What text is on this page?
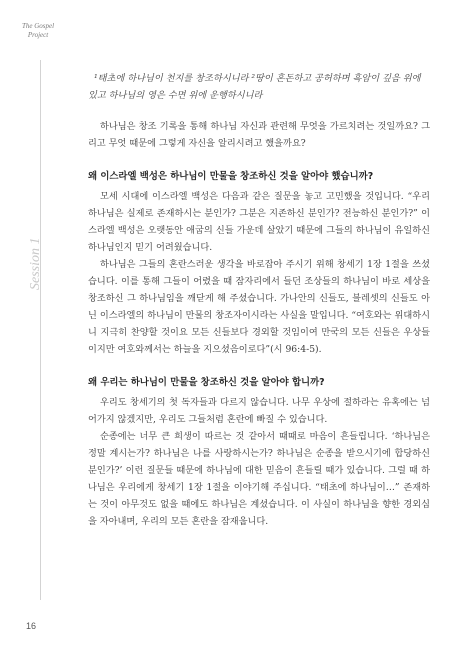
The Gospel
Project
Session 1
16

¹태초에 하나님이 천지를 창조하시니라 ²땅이 혼돈하고 공허하며 흑암이 깊음 위에 있고 하나님의 영은 수면 위에 운행하시니라

하나님은 창조 기록을 통해 하나님 자신과 관련해 무엇을 가르치려는 것일까요? 그리고 무엇 때문에 그렇게 자신을 알리시려고 했을까요?

왜 이스라엘 백성은 하나님이 만물을 창조하신 것을 알아야 했습니까?

모세 시대에 이스라엘 백성은 다음과 같은 질문을 놓고 고민했을 것입니다. “우리 하나님은 실제로 존재하시는 분인가? 그분은 지존하신 분인가? 전능하신 분인가?” 이스라엘 백성은 오랫동안 애굽의 신들 가운데 살았기 때문에 그들의 하나님이 유일하신 하나님인지 믿기 어려웠습니다.

하나님은 그들의 혼란스러운 생각을 바로잡아 주시기 위해 창세기 1장 1절을 쓰셨습니다. 이를 통해 그들이 어렸을 때 잠자리에서 들던 조상들의 하나님이 바로 세상을 창조하신 그 하나님임을 깨닫게 해 주셨습니다. 가나안의 신들도, 블레셋의 신들도 아닌 이스라엘의 하나님이 만물의 창조자이시라는 사실을 말입니다. “여호와는 위대하시니 지극히 찬양할 것이요 모든 신들보다 경외할 것임이여 만국의 모든 신들은 우상들이지만 여호와께서는 하늘을 지으셨음이로다”(시 96:4-5).

왜 우리는 하나님이 만물을 창조하신 것을 알아야 합니까?

우리도 창세기의 첫 독자들과 다르지 않습니다. 나무 우상에 절하라는 유혹에는 넘어가지 않겠지만, 우리도 그들처럼 혼란에 빠질 수 있습니다.

순종에는 너무 큰 희생이 따르는 것 같아서 때때로 마음이 흔들립니다. ‘하나님은 정말 계시는가? 하나님은 나를 사랑하시는가? 하나님은 순종을 받으시기에 합당하신 분인가?’ 이런 질문들 때문에 하나님에 대한 믿음이 흔들릴 때가 있습니다. 그럴 때 하나님은 우리에게 창세기 1장 1절을 이야기해 주십니다. “태초에 하나님이…” 존재하는 것이 아무것도 없을 때에도 하나님은 계셨습니다. 이 사실이 하나님을 향한 경외심을 자아내며, 우리의 모든 혼란을 잠재웁니다.
